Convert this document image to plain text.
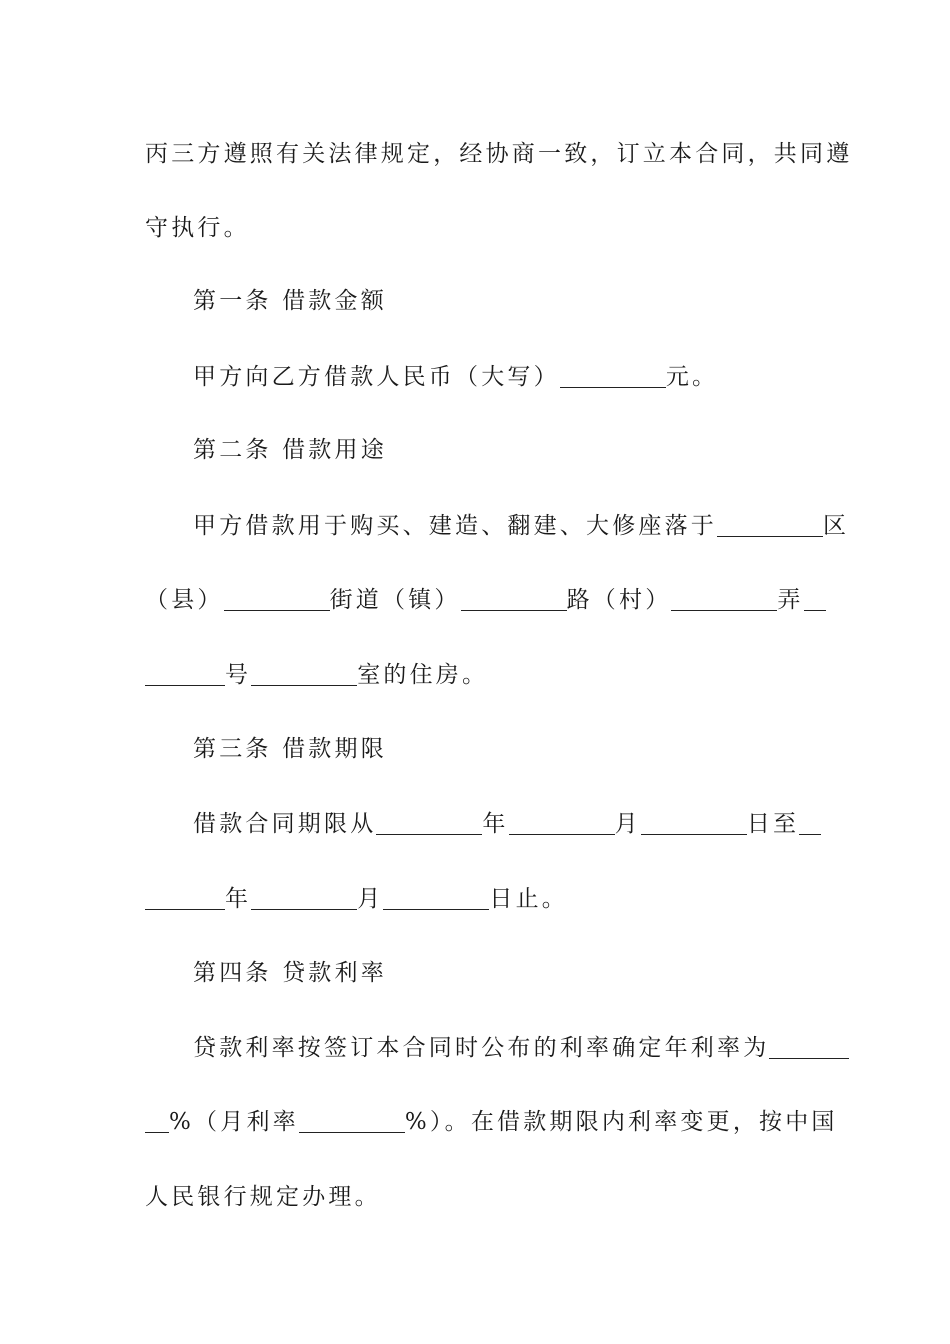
丙三方遵照有关法律规定，经协商一致，订立本合同，共同遵
守执行。
第一条 借款金额
甲方向乙方借款人民币（大写）	元。
第二条 借款用途
甲方借款用于购买、建造、翻建、大修座落于	区
（县）	街道（镇）	路（村）	弄
号	室的住房。
第三条 借款期限
借款合同期限从	年	月	日至
年	月	日止。
第四条 贷款利率
贷款利率按签订本合同时公布的利率确定年利率为
%（月利率	%）。在借款期限内利率变更，按中国
人民银行规定办理。
